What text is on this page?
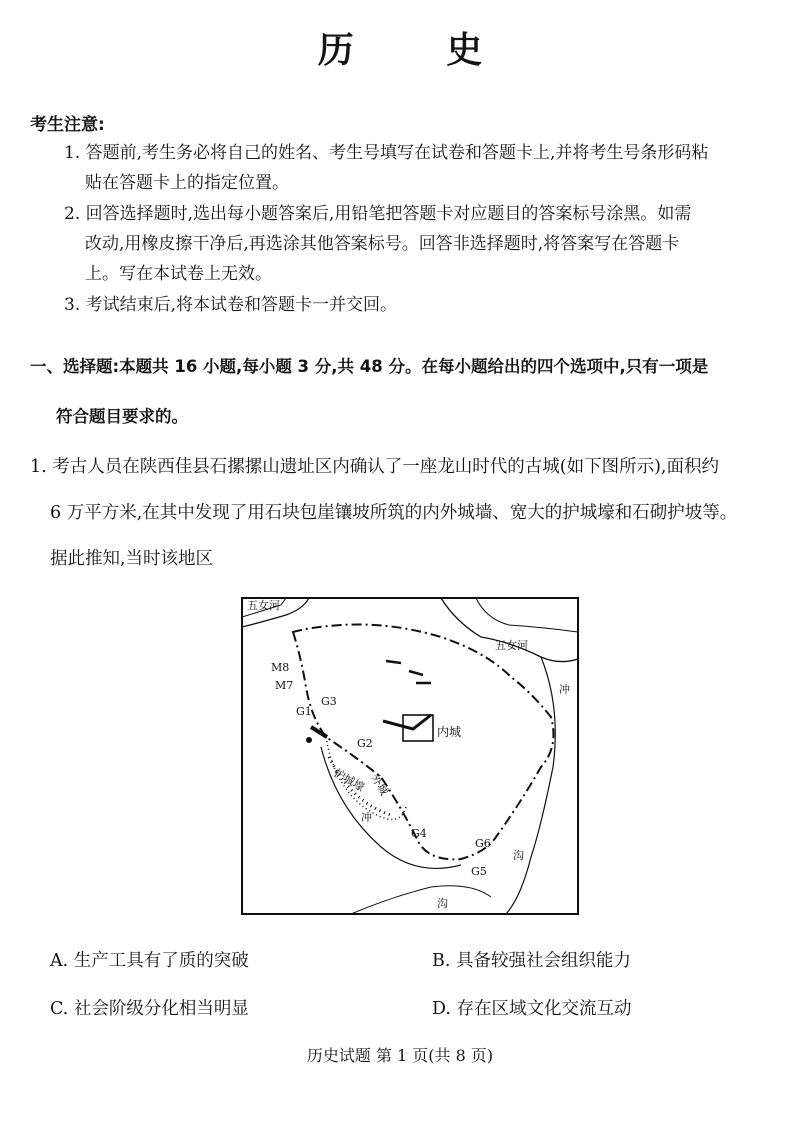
历 史
考生注意:
1. 答题前,考生务必将自己的姓名、考生号填写在试卷和答题卡上,并将考生号条形码粘
贴在答题卡上的指定位置。
2. 回答选择题时,选出每小题答案后,用铅笔把答题卡对应题目的答案标号涂黑。如需
改动,用橡皮擦干净后,再选涂其他答案标号。回答非选择题时,将答案写在答题卡
上。写在本试卷上无效。
3. 考试结束后,将本试卷和答题卡一并交回。
一、选择题:本题共 16 小题,每小题 3 分,共 48 分。在每小题给出的四个选项中,只有一项是
符合题目要求的。
1. 考古人员在陕西佳县石摞摞山遗址区内确认了一座龙山时代的古城(如下图所示),面积约
6 万平方米,在其中发现了用石块包崖镶坡所筑的内外城墙、宽大的护城壕和石砌护坡等。
据此推知,当时该地区
五女河
五女河
内城
M8
M7
G1
G3
G2
G4
G6
G5
护城壕 外城
冲
冲
沟
沟
A. 生产工具有了质的突破	B. 具备较强社会组织能力
C. 社会阶级分化相当明显	D. 存在区域文化交流互动
历史试题 第 1 页(共 8 页)
